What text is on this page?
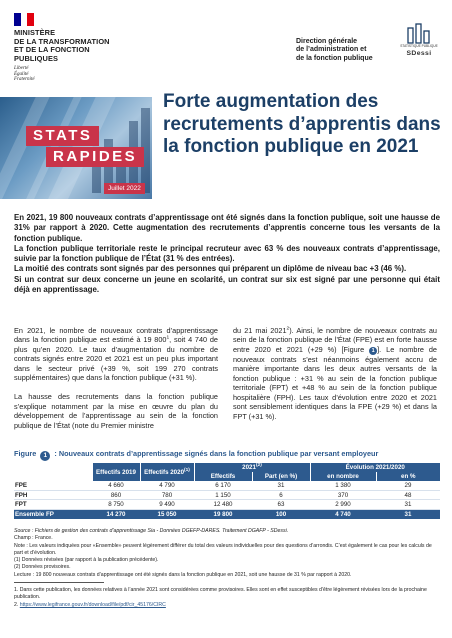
MINISTÈRE
DE LA TRANSFORMATION
ET DE LA FONCTION
PUBLIQUES
Liberté
Égalité
Fraternité
Direction générale
de l’administration et
de la fonction publique
STATISTIQUE PUBLIQUE
SDessi
STATS
RAPIDES
Juillet 2022
Forte augmentation des recrutements d’apprentis dans la fonction publique en 2021

En 2021, 19 800 nouveaux contrats d’apprentissage ont été signés dans la fonction publique, soit une hausse de 31% par rapport à 2020. Cette augmentation des recrutements d’apprentis concerne tous les versants de la fonction publique.

La fonction publique territoriale reste le principal recruteur avec 63 % des nouveaux contrats d’apprentissage, suivie par la fonction publique de l’État (31 % des entrées).

La moitié des contrats sont signés par des personnes qui préparent un diplôme de niveau bac +3 (46 %).

Si un contrat sur deux concerne un jeune en scolarité, un contrat sur six est signé par une personne qui était déjà en apprentissage.

En 2021, le nombre de nouveaux contrats d’apprentissage dans la fonction publique est estimé à 19 $800^1$, soit 4 740 de plus qu’en 2020. Le taux d’augmentation du nombre de contrats signés entre 2020 et 2021 est un peu plus important dans le secteur privé (+39 %, soit 199 270 contrats supplémentaires) que dans la fonction publique (+31 %).

La hausse des recrutements dans la fonction publique s’explique notamment par la mise en œuvre du plan du développement de l’apprentissage au sein de la fonction publique de l’État (note du Premier ministre

du 21 mai 2021$^2$). Ainsi, le nombre de nouveaux contrats au sein de la fonction publique de l’État (FPE) est en forte hausse entre 2020 et 2021 (+29 %) [Figure 1 ]. Le nombre de nouveaux contrats s’est néanmoins également accru de manière importante dans les deux autres versants de la fonction publique : +31 % au sein de la fonction publique territoriale (FPT) et +48 % au sein de la fonction publique hospitalière (FPH). Les taux d’évolution entre 2020 et 2021 sont sensiblement identiques dans la FPE (+29 %) et dans la FPT (+31 %).

Figure 1 : Nouveaux contrats d’apprentissage signés dans la fonction publique par versant employeur
	Effectifs 2019	Effectifs 2020$^{(1)}$	2021$^{(2)}$		Évolution 2021/2020	
			Effectifs	Part (en %)	en nombre	en %
FPE	4 660	4 790	6 170	31	1 380	29
FPH	860	780	1 150	6	370	48
FPT	8 750	9 490	12 480	63	2 990	31
Ensemble FP	14 270	15 050	19 800	100	4 740	31
Source : Fichiers de gestion des contrats d’apprentissage Sia - Données DGEFP-DARES. Traitement DGAFP - SDessi.
Champ : France.
Note : Les valeurs indiquées pour «Ensemble» peuvent légèrement différer du total des valeurs individuelles pour des questions d’arrondis. C’est également le cas pour les calculs de part et d’évolution.
(1) Données révisées (par rapport à la publication précédente).
(2) Données provisoires.
Lecture : 19 800 nouveaux contrats d’apprentissage ont été signés dans la fonction publique en 2021, soit une hausse de 31 % par rapport à 2020.
1. Dans cette publication, les données relatives à l’année 2021 sont considérées comme provisoires. Elles sont en effet susceptibles d’être légèrement révisées lors de la prochaine publication.
2. https://www.legifrance.gouv.fr/download/file/pdf/cir_45176/CIRC
